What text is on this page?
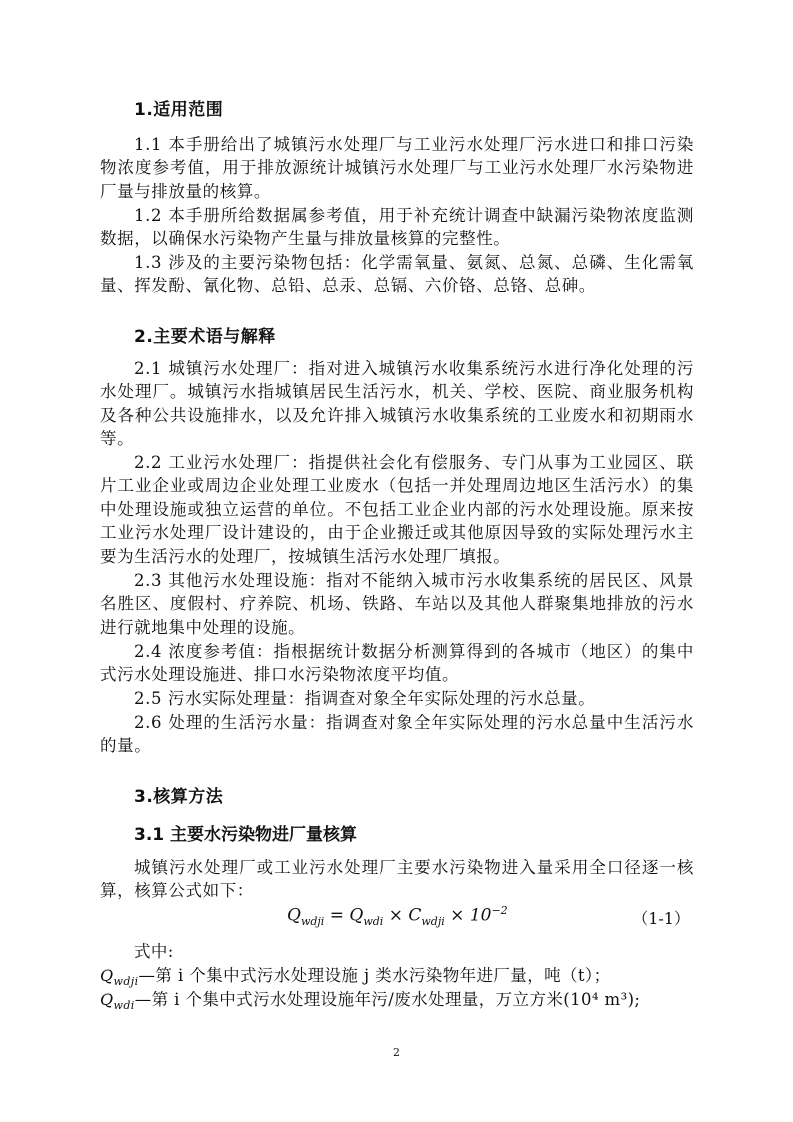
1.适用范围

1.1 本手册给出了城镇污水处理厂与工业污水处理厂污水进口和排口污染物浓度参考值，用于排放源统计城镇污水处理厂与工业污水处理厂水污染物进厂量与排放量的核算。

1.2 本手册所给数据属参考值，用于补充统计调查中缺漏污染物浓度监测数据，以确保水污染物产生量与排放量核算的完整性。

1.3 涉及的主要污染物包括：化学需氧量、氨氮、总氮、总磷、生化需氧量、挥发酚、氰化物、总铅、总汞、总镉、六价铬、总铬、总砷。

2.主要术语与解释

2.1 城镇污水处理厂：指对进入城镇污水收集系统污水进行净化处理的污水处理厂。城镇污水指城镇居民生活污水，机关、学校、医院、商业服务机构及各种公共设施排水，以及允许排入城镇污水收集系统的工业废水和初期雨水等。

2.2 工业污水处理厂：指提供社会化有偿服务、专门从事为工业园区、联片工业企业或周边企业处理工业废水（包括一并处理周边地区生活污水）的集中处理设施或独立运营的单位。不包括工业企业内部的污水处理设施。原来按工业污水处理厂设计建设的，由于企业搬迁或其他原因导致的实际处理污水主要为生活污水的处理厂，按城镇生活污水处理厂填报。

2.3 其他污水处理设施：指对不能纳入城市污水收集系统的居民区、风景名胜区、度假村、疗养院、机场、铁路、车站以及其他人群聚集地排放的污水进行就地集中处理的设施。

2.4 浓度参考值：指根据统计数据分析测算得到的各城市（地区）的集中式污水处理设施进、排口水污染物浓度平均值。

2.5 污水实际处理量：指调查对象全年实际处理的污水总量。

2.6 处理的生活污水量：指调查对象全年实际处理的污水总量中生活污水的量。

3.核算方法
3.1 主要水污染物进厂量核算

城镇污水处理厂或工业污水处理厂主要水污染物进入量采用全口径逐一核算，核算公式如下：

$Q_{wdji} = Q_{wdi} \times C_{wdji} \times 10^{-2}$	（1-1）
式中:
$Q_{wdji}—$第 i 个集中式污水处理设施 j 类水污染物年进厂量，吨（t）；
$Q_{wdi}—$第 i 个集中式污水处理设施年污/废水处理量，万立方米(10⁴ m³);
2
